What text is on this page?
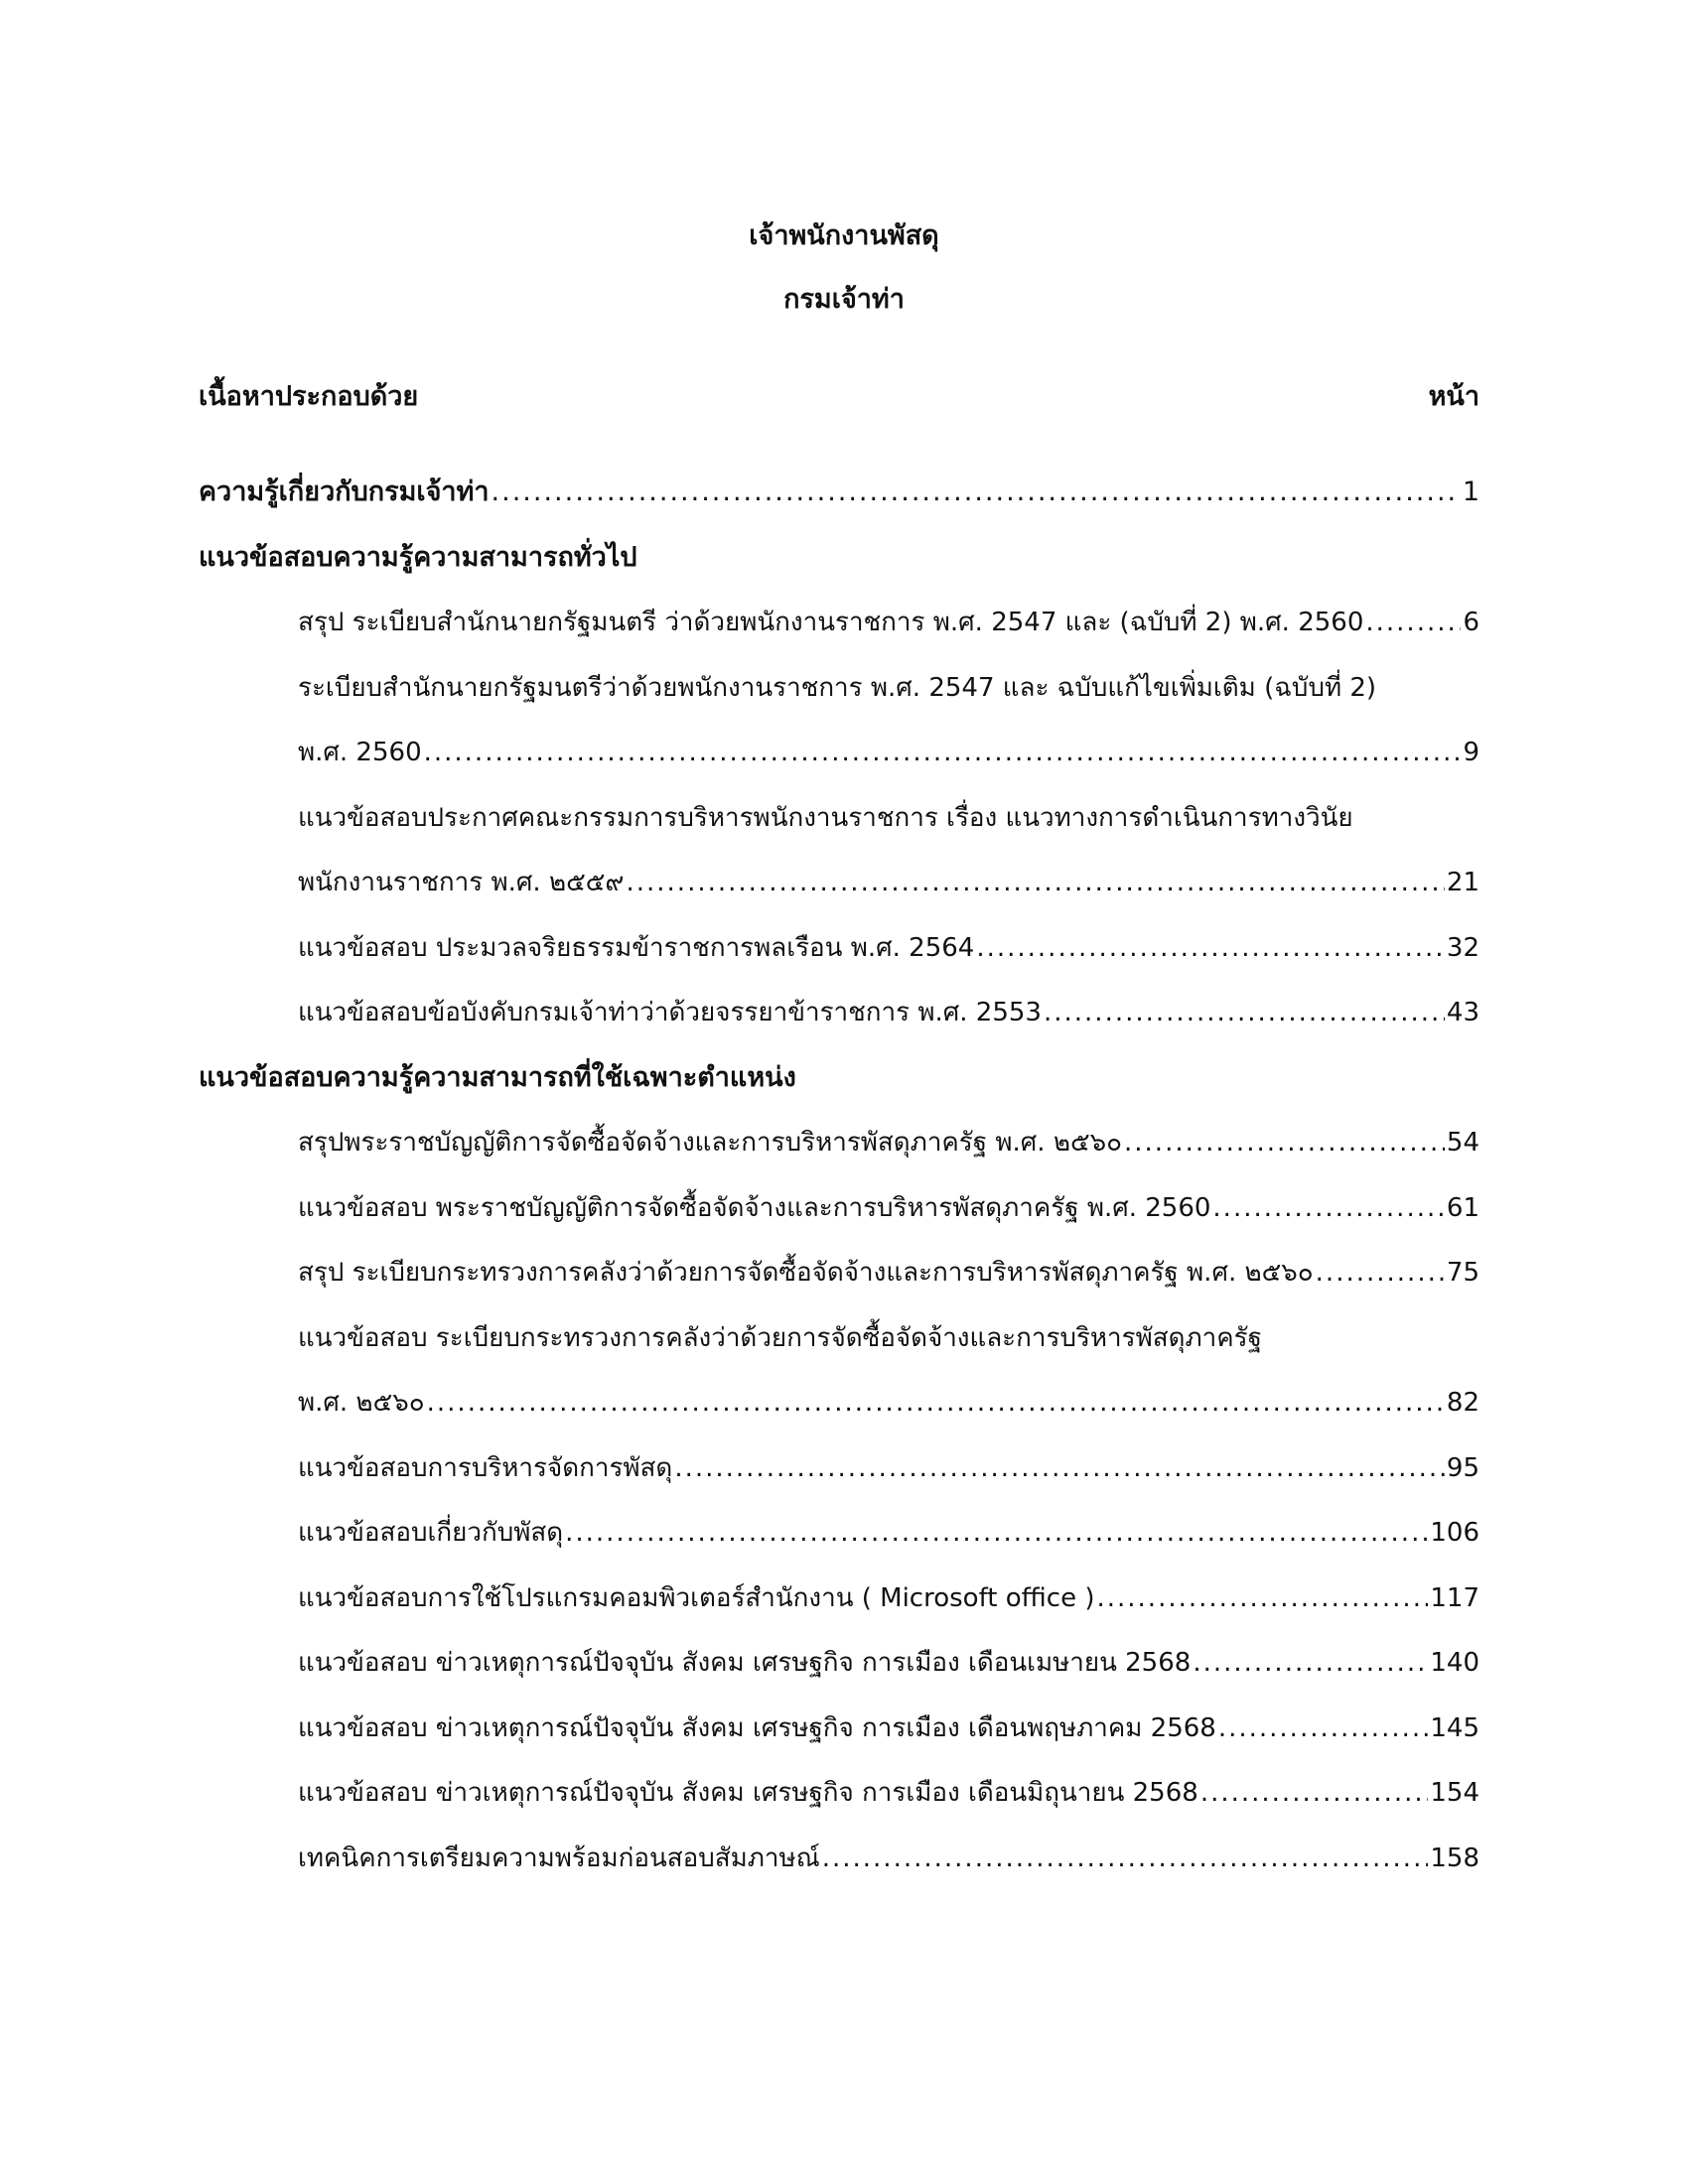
เจ้าพนักงานพัสดุ
กรมเจ้าท่า
เนื้อหาประกอบด้วย	หน้า
ความรู้เกี่ยวกับกรมเจ้าท่า .....	1
แนวข้อสอบความรู้ความสามารถทั่วไป
สรุป ระเบียบสำนักนายกรัฐมนตรี ว่าด้วยพนักงานราชการ พ.ศ. 2547 และ (ฉบับที่ 2) พ.ศ. 2560 .....	6
ระเบียบสำนักนายกรัฐมนตรีว่าด้วยพนักงานราชการ พ.ศ. 2547 และ ฉบับแก้ไขเพิ่มเติม (ฉบับที่ 2)
พ.ศ. 2560 .....	9
แนวข้อสอบประกาศคณะกรรมการบริหารพนักงานราชการ เรื่อง แนวทางการดำเนินการทางวินัย
พนักงานราชการ พ.ศ. ๒๕๕๙ .....	21
แนวข้อสอบ ประมวลจริยธรรมข้าราชการพลเรือน พ.ศ. 2564 .....	32
แนวข้อสอบข้อบังคับกรมเจ้าท่าว่าด้วยจรรยาข้าราชการ พ.ศ. 2553 .....	43
แนวข้อสอบความรู้ความสามารถที่ใช้เฉพาะตำแหน่ง
สรุปพระราชบัญญัติการจัดซื้อจัดจ้างและการบริหารพัสดุภาครัฐ พ.ศ. ๒๕๖๐ .....	54
แนวข้อสอบ พระราชบัญญัติการจัดซื้อจัดจ้างและการบริหารพัสดุภาครัฐ พ.ศ. 2560 .....	61
สรุป ระเบียบกระทรวงการคลังว่าด้วยการจัดซื้อจัดจ้างและการบริหารพัสดุภาครัฐ พ.ศ. ๒๕๖๐ .....	75
แนวข้อสอบ ระเบียบกระทรวงการคลังว่าด้วยการจัดซื้อจัดจ้างและการบริหารพัสดุภาครัฐ
พ.ศ. ๒๕๖๐ .....	82
แนวข้อสอบการบริหารจัดการพัสดุ .....	95
แนวข้อสอบเกี่ยวกับพัสดุ .....	106
แนวข้อสอบการใช้โปรแกรมคอมพิวเตอร์สำนักงาน ( Microsoft office ) .....	117
แนวข้อสอบ ข่าวเหตุการณ์ปัจจุบัน สังคม เศรษฐกิจ การเมือง เดือนเมษายน 2568 .....	140
แนวข้อสอบ ข่าวเหตุการณ์ปัจจุบัน สังคม เศรษฐกิจ การเมือง เดือนพฤษภาคม 2568 .....	145
แนวข้อสอบ ข่าวเหตุการณ์ปัจจุบัน สังคม เศรษฐกิจ การเมือง เดือนมิถุนายน 2568 .....	154
เทคนิคการเตรียมความพร้อมก่อนสอบสัมภาษณ์ .....	158
